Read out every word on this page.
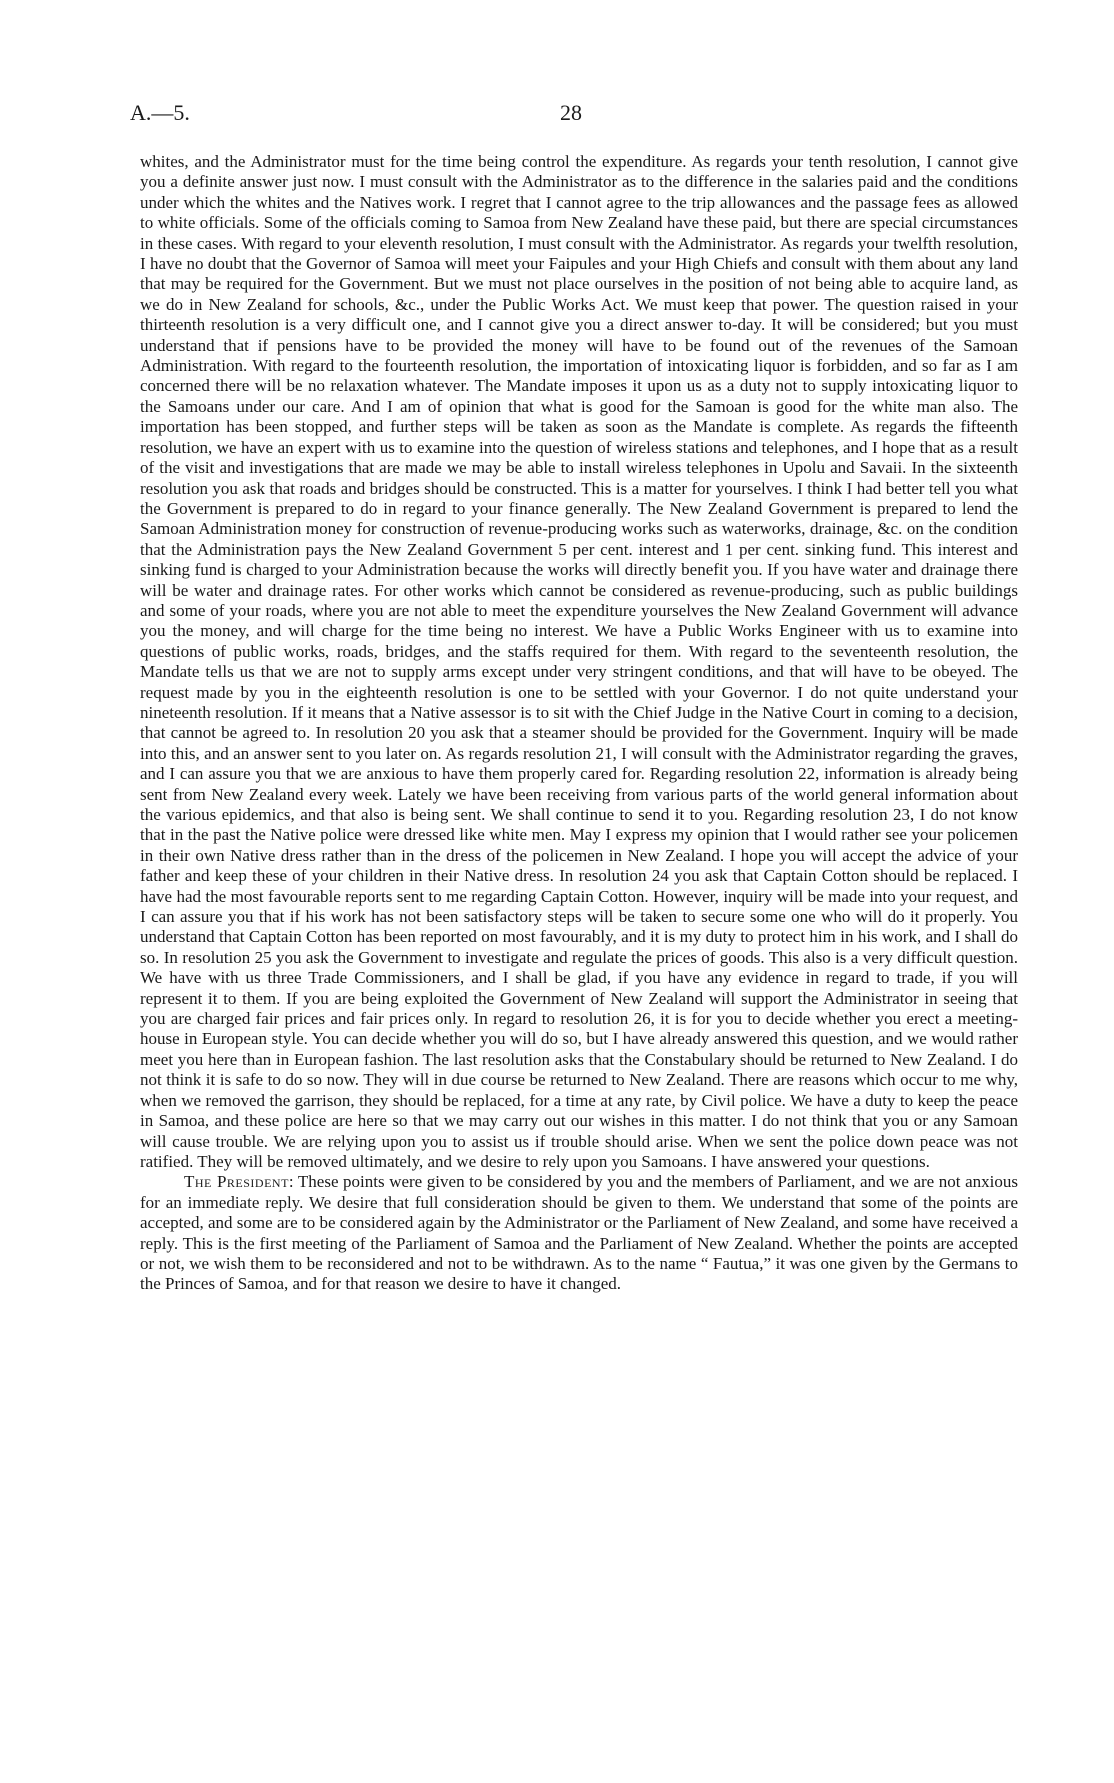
A.—5.	28

whites, and the Administrator must for the time being control the expenditure. As regards your tenth resolution, I cannot give you a definite answer just now. I must consult with the Administrator as to the difference in the salaries paid and the conditions under which the whites and the Natives work. I regret that I cannot agree to the trip allowances and the passage fees as allowed to white officials. Some of the officials coming to Samoa from New Zealand have these paid, but there are special circumstances in these cases. With regard to your eleventh resolution, I must consult with the Administrator. As regards your twelfth resolution, I have no doubt that the Governor of Samoa will meet your Faipules and your High Chiefs and consult with them about any land that may be required for the Government. But we must not place ourselves in the position of not being able to acquire land, as we do in New Zealand for schools, &c., under the Public Works Act. We must keep that power. The question raised in your thirteenth resolution is a very difficult one, and I cannot give you a direct answer to-day. It will be considered; but you must understand that if pensions have to be provided the money will have to be found out of the revenues of the Samoan Administration. With regard to the fourteenth resolution, the importation of intoxicating liquor is forbidden, and so far as I am concerned there will be no relaxation whatever. The Mandate imposes it upon us as a duty not to supply intoxicating liquor to the Samoans under our care. And I am of opinion that what is good for the Samoan is good for the white man also. The importation has been stopped, and further steps will be taken as soon as the Mandate is complete. As regards the fifteenth resolution, we have an expert with us to examine into the question of wireless stations and telephones, and I hope that as a result of the visit and investigations that are made we may be able to install wireless telephones in Upolu and Savaii. In the sixteenth resolution you ask that roads and bridges should be constructed. This is a matter for yourselves. I think I had better tell you what the Government is prepared to do in regard to your finance generally. The New Zealand Government is prepared to lend the Samoan Administration money for construction of revenue-producing works such as waterworks, drainage, &c. on the condition that the Administration pays the New Zealand Government 5 per cent. interest and 1 per cent. sinking fund. This interest and sinking fund is charged to your Administration because the works will directly benefit you. If you have water and drainage there will be water and drainage rates. For other works which cannot be considered as revenue-producing, such as public buildings and some of your roads, where you are not able to meet the expenditure yourselves the New Zealand Government will advance you the money, and will charge for the time being no interest. We have a Public Works Engineer with us to examine into questions of public works, roads, bridges, and the staffs required for them. With regard to the seventeenth resolution, the Mandate tells us that we are not to supply arms except under very stringent conditions, and that will have to be obeyed. The request made by you in the eighteenth resolution is one to be settled with your Governor. I do not quite understand your nineteenth resolution. If it means that a Native assessor is to sit with the Chief Judge in the Native Court in coming to a decision, that cannot be agreed to. In resolution 20 you ask that a steamer should be provided for the Government. Inquiry will be made into this, and an answer sent to you later on. As regards resolution 21, I will consult with the Administrator regarding the graves, and I can assure you that we are anxious to have them properly cared for. Regarding resolution 22, information is already being sent from New Zealand every week. Lately we have been receiving from various parts of the world general information about the various epidemics, and that also is being sent. We shall continue to send it to you. Regarding resolution 23, I do not know that in the past the Native police were dressed like white men. May I express my opinion that I would rather see your policemen in their own Native dress rather than in the dress of the policemen in New Zealand. I hope you will accept the advice of your father and keep these of your children in their Native dress. In resolution 24 you ask that Captain Cotton should be replaced. I have had the most favourable reports sent to me regarding Captain Cotton. However, inquiry will be made into your request, and I can assure you that if his work has not been satisfactory steps will be taken to secure some one who will do it properly. You understand that Captain Cotton has been reported on most favourably, and it is my duty to protect him in his work, and I shall do so. In resolution 25 you ask the Government to investigate and regulate the prices of goods. This also is a very difficult question. We have with us three Trade Commissioners, and I shall be glad, if you have any evidence in regard to trade, if you will represent it to them. If you are being exploited the Government of New Zealand will support the Administrator in seeing that you are charged fair prices and fair prices only. In regard to resolution 26, it is for you to decide whether you erect a meeting-house in European style. You can decide whether you will do so, but I have already answered this question, and we would rather meet you here than in European fashion. The last resolution asks that the Constabulary should be returned to New Zealand. I do not think it is safe to do so now. They will in due course be returned to New Zealand. There are reasons which occur to me why, when we removed the garrison, they should be replaced, for a time at any rate, by Civil police. We have a duty to keep the peace in Samoa, and these police are here so that we may carry out our wishes in this matter. I do not think that you or any Samoan will cause trouble. We are relying upon you to assist us if trouble should arise. When we sent the police down peace was not ratified. They will be removed ultimately, and we desire to rely upon you Samoans. I have answered your questions.

The President: These points were given to be considered by you and the members of Parliament, and we are not anxious for an immediate reply. We desire that full consideration should be given to them. We understand that some of the points are accepted, and some are to be considered again by the Administrator or the Parliament of New Zealand, and some have received a reply. This is the first meeting of the Parliament of Samoa and the Parliament of New Zealand. Whether the points are accepted or not, we wish them to be reconsidered and not to be withdrawn. As to the name “ Fautua,” it was one given by the Germans to the Princes of Samoa, and for that reason we desire to have it changed.
